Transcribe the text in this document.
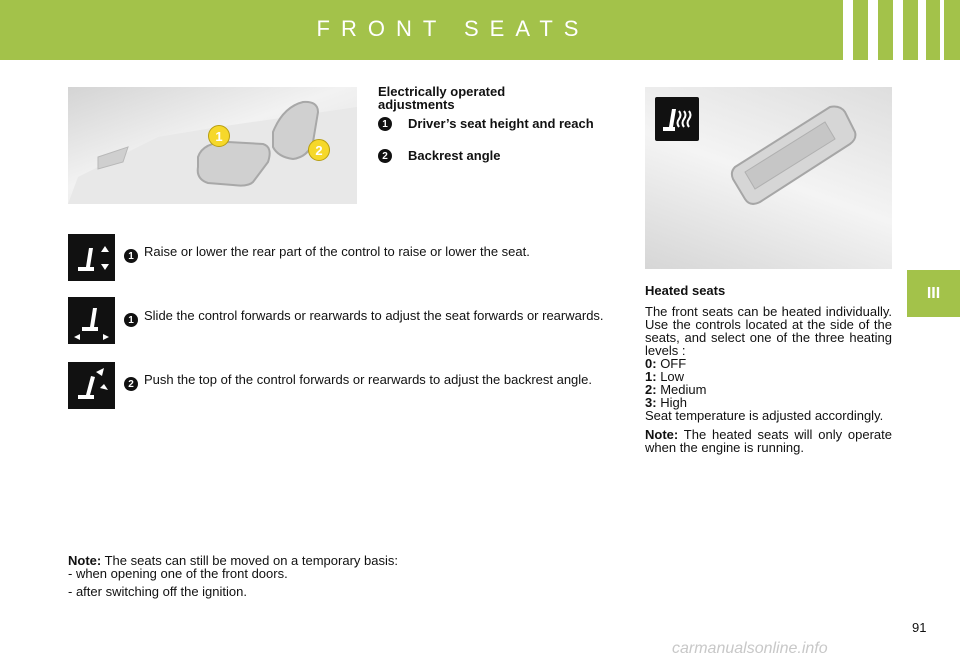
FRONT SEATS
III
1
2
Electrically operated adjustments
1	Driver’s seat height and reach
2	Backrest angle
1 Raise or lower the rear part of the control to raise or lower the seat.
1 Slide the control forwards or rearwards to adjust the seat forwards or rearwards.
2 Push the top of the control forwards or rearwards to adjust the backrest angle.
Heated seats

The front seats can be heated individually. Use the controls located at the side of the seats, and select one of the three heating levels :

0: OFF
1: Low
2: Medium
3: High

Seat temperature is adjusted accordingly.

Note: The heated seats will only operate when the engine is running.

Note: The seats can still be moved on a temporary basis:
- when opening one of the front doors.
- after switching off the ignition.
91
carmanualsonline.info
